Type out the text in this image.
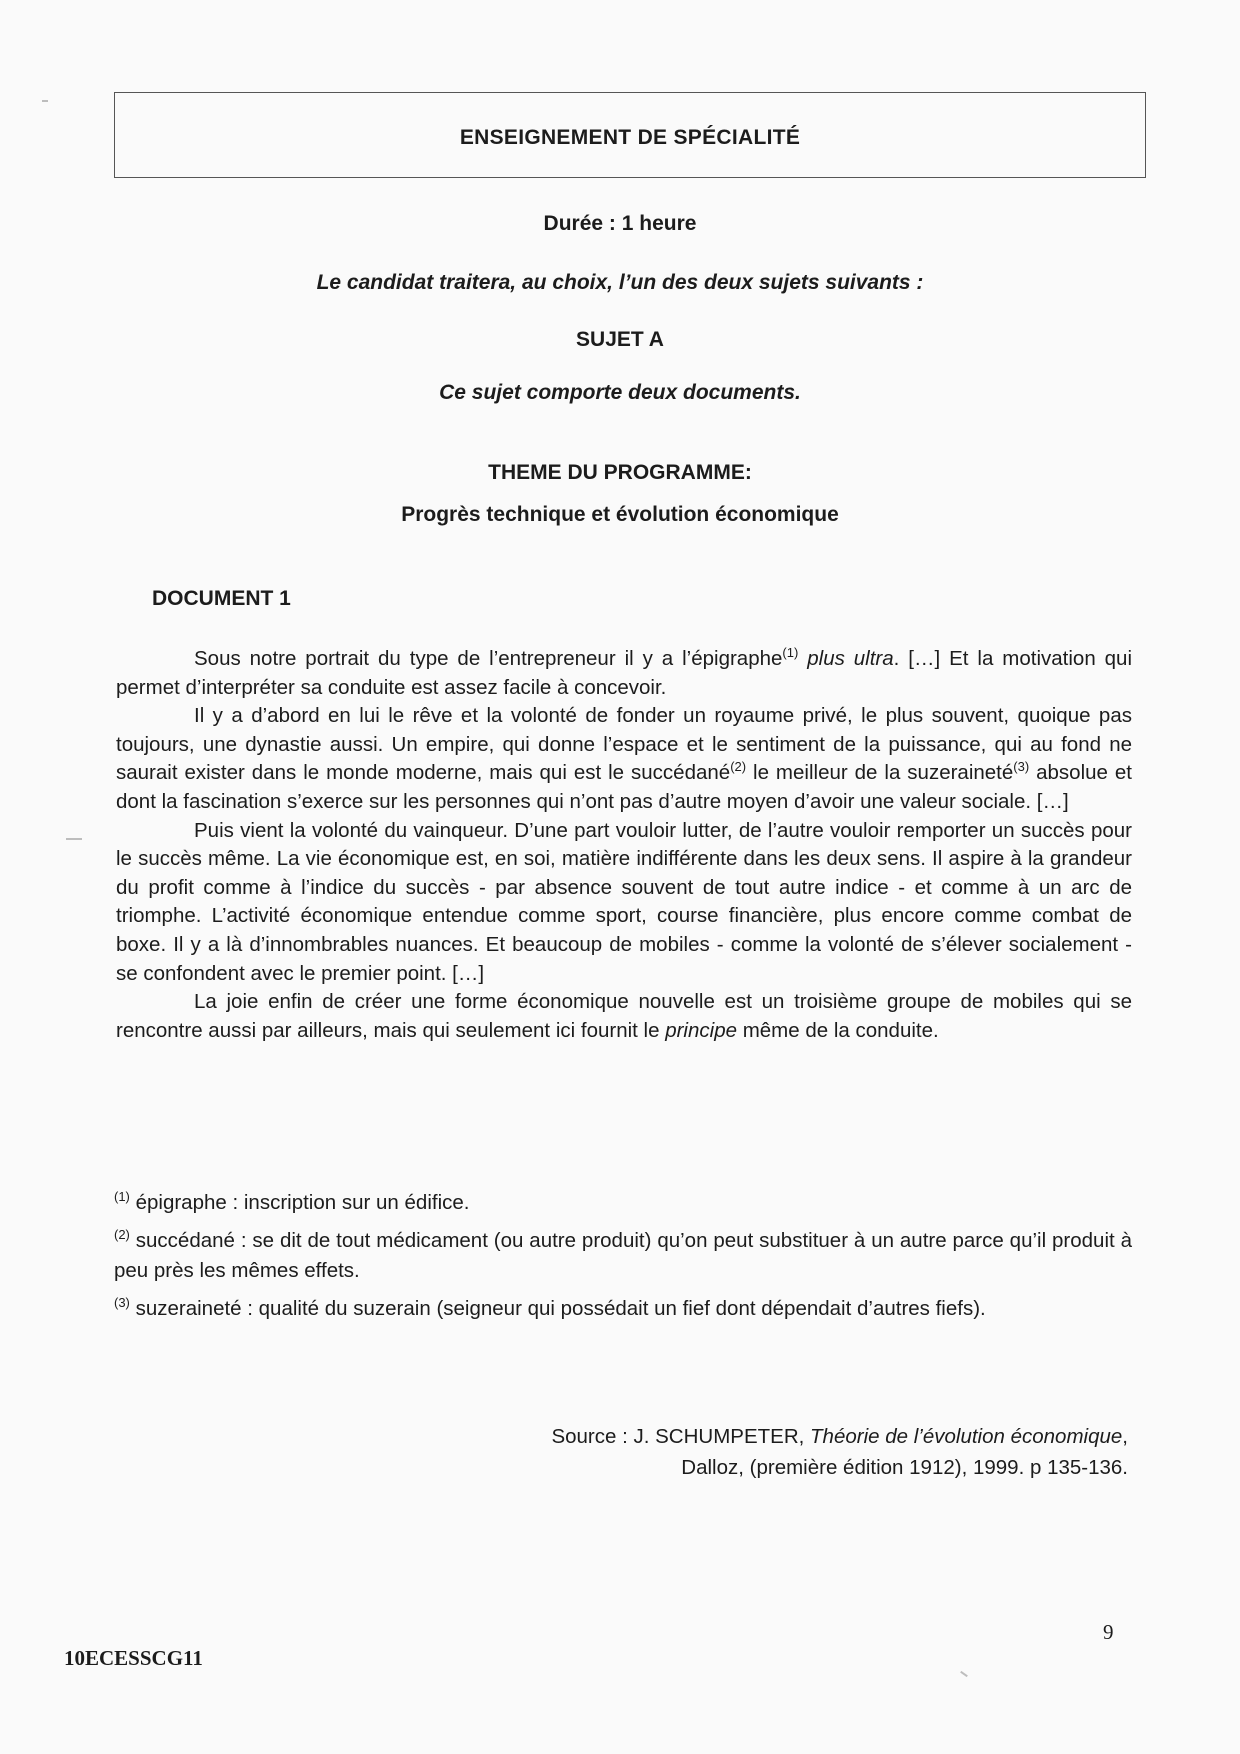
ENSEIGNEMENT DE SPÉCIALITÉ
Durée : 1 heure
Le candidat traitera, au choix, l’un des deux sujets suivants :
SUJET A
Ce sujet comporte deux documents.
THEME DU PROGRAMME:
Progrès technique et évolution économique
DOCUMENT 1

Sous notre portrait du type de l’entrepreneur il y a l’épigraphe$^{(1)}$ plus ultra. […] Et la motivation qui permet d’interpréter sa conduite est assez facile à concevoir.

Il y a d’abord en lui le rêve et la volonté de fonder un royaume privé, le plus souvent, quoique pas toujours, une dynastie aussi. Un empire, qui donne l’espace et le sentiment de la puissance, qui au fond ne saurait exister dans le monde moderne, mais qui est le succédané$^{(2)}$ le meilleur de la suzeraineté$^{(3)}$ absolue et dont la fascination s’exerce sur les personnes qui n’ont pas d’autre moyen d’avoir une valeur sociale. […]

Puis vient la volonté du vainqueur. D’une part vouloir lutter, de l’autre vouloir remporter un succès pour le succès même. La vie économique est, en soi, matière indifférente dans les deux sens. Il aspire à la grandeur du profit comme à l’indice du succès - par absence souvent de tout autre indice - et comme à un arc de triomphe. L’activité économique entendue comme sport, course financière, plus encore comme combat de boxe. Il y a là d’innombrables nuances. Et beaucoup de mobiles - comme la volonté de s’élever socialement - se confondent avec le premier point. […]

La joie enfin de créer une forme économique nouvelle est un troisième groupe de mobiles qui se rencontre aussi par ailleurs, mais qui seulement ici fournit le principe même de la conduite.

$^{(1)}$ épigraphe : inscription sur un édifice.

$^{(2)}$ succédané : se dit de tout médicament (ou autre produit) qu’on peut substituer à un autre parce qu’il produit à peu près les mêmes effets.

$^{(3)}$ suzeraineté : qualité du suzerain (seigneur qui possédait un fief dont dépendait d’autres fiefs).

Source : J. SCHUMPETER, Théorie de l’évolution économique,
Dalloz, (première édition 1912), 1999. p 135-136.
9
10ECESSCG11
